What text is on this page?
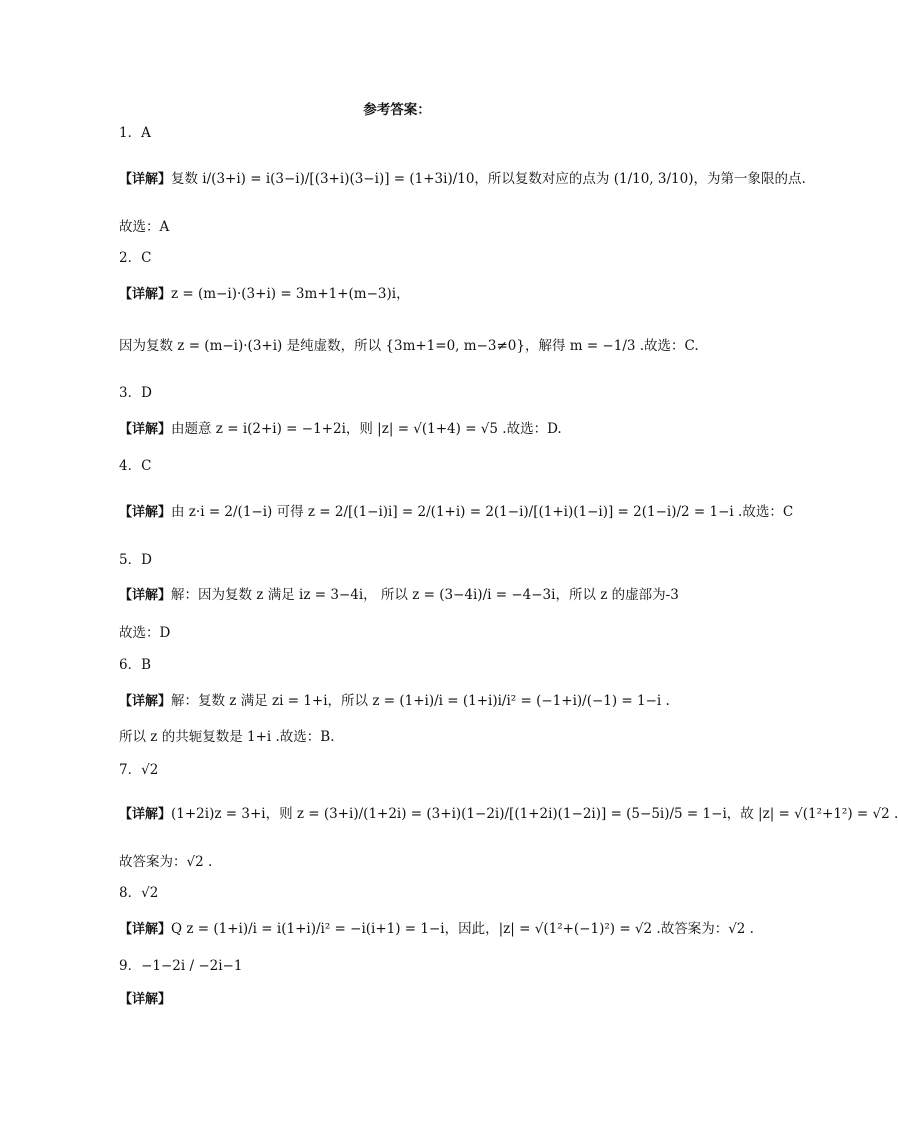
参考答案：
1．A
【详解】复数 i/(3+i) = i(3−i)/[(3+i)(3−i)] = (1+3i)/10，所以复数对应的点为 (1/10, 3/10)，为第一象限的点.
故选：A
2．C
【详解】z = (m−i)·(3+i) = 3m+1+(m−3)i，
因为复数 z = (m−i)·(3+i) 是纯虚数，所以 {3m+1=0, m−3≠0}，解得 m = −1/3 .故选：C.
3．D
【详解】由题意 z = i(2+i) = −1+2i，则 |z| = √(1+4) = √5 .故选：D.
4．C
【详解】由 z·i = 2/(1−i) 可得 z = 2/[(1−i)i] = 2/(1+i) = 2(1−i)/[(1+i)(1−i)] = 2(1−i)/2 = 1−i .故选：C
5．D
【详解】解：因为复数 z 满足 iz = 3−4i， 所以 z = (3−4i)/i = −4−3i，所以 z 的虚部为-3
故选：D
6．B
【详解】解：复数 z 满足 zi = 1+i，所以 z = (1+i)/i = (1+i)i/i² = (−1+i)/(−1) = 1−i .
所以 z 的共轭复数是 1+i .故选：B.
7．√2
【详解】(1+2i)z = 3+i，则 z = (3+i)/(1+2i) = (3+i)(1−2i)/[(1+2i)(1−2i)] = (5−5i)/5 = 1−i，故 |z| = √(1²+1²) = √2 .
故答案为：√2 .
8．√2
【详解】Q z = (1+i)/i = i(1+i)/i² = −i(i+1) = 1−i，因此，|z| = √(1²+(−1)²) = √2 .故答案为：√2 .
9．−1−2i / −2i−1
【详解】
